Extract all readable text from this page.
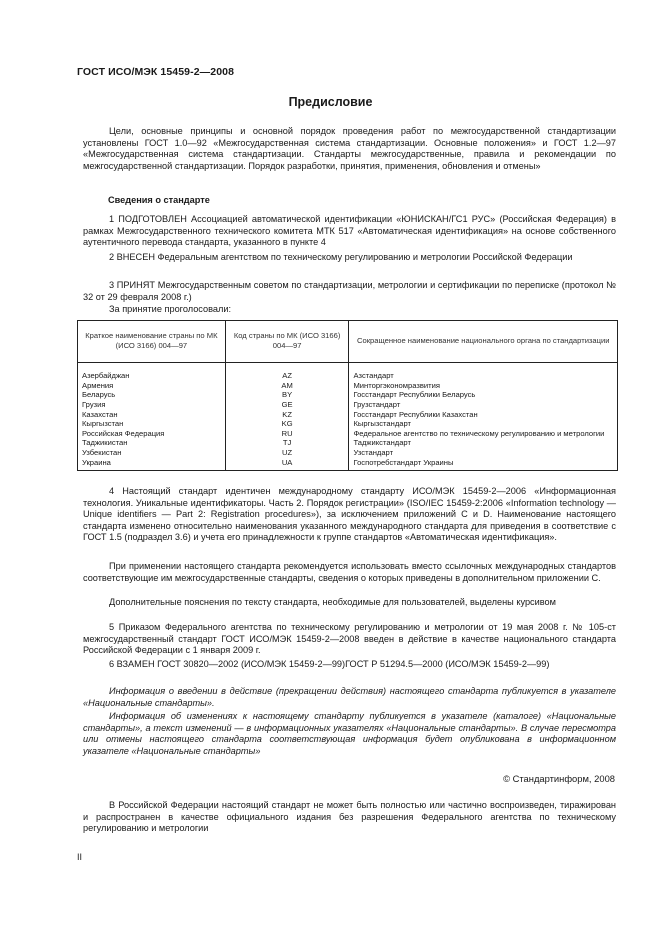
ГОСТ ИСО/МЭК 15459-2—2008
Предисловие

Цели, основные принципы и основной порядок проведения работ по межгосударственной стандартизации установлены ГОСТ 1.0—92 «Межгосударственная система стандартизации. Основные положения» и ГОСТ 1.2—97 «Межгосударственная система стандартизации. Стандарты межгосударственные, правила и рекомендации по межгосударственной стандартизации. Порядок разработки, принятия, применения, обновления и отмены»

Сведения о стандарте

1 ПОДГОТОВЛЕН Ассоциацией автоматической идентификации «ЮНИСКАН/ГС1 РУС» (Российская Федерация) в рамках Межгосударственного технического комитета МТК 517 «Автоматическая идентификация» на основе собственного аутентичного перевода стандарта, указанного в пункте 4

2 ВНЕСЕН Федеральным агентством по техническому регулированию и метрологии Российской Федерации

3 ПРИНЯТ Межгосударственным советом по стандартизации, метрологии и сертификации по переписке (протокол № 32 от 29 февраля 2008 г.)

За принятие проголосовали:

Краткое наименование страны по МК (ИСО 3166) 004—97	Код страны по МК (ИСО 3166) 004—97	Сокращенное наименование национального органа по стандартизации
Азербайджан	AZ	Азстандарт
Армения	AM	Минторгэкономразвития
Беларусь	BY	Госстандарт Республики Беларусь
Грузия	GE	Грузстандарт
Казахстан	KZ	Госстандарт Республики Казахстан
Кыргызстан	KG	Кыргызстандарт
Российская Федерация	RU	Федеральное агентство по техническому регулированию и метрологии
Таджикистан	TJ	Таджикстандарт
Узбекистан	UZ	Узстандарт
Украина	UA	Госпотребстандарт Украины

4 Настоящий стандарт идентичен международному стандарту ИСО/МЭК 15459-2—2006 «Информационная технология. Уникальные идентификаторы. Часть 2. Порядок регистрации» (ISO/IEC 15459-2:2006 «Information technology — Unique identifiers — Part 2: Registration procedures»), за исключением приложений С и D. Наименование настоящего стандарта изменено относительно наименования указанного международного стандарта для приведения в соответствие с ГОСТ 1.5 (подраздел 3.6) и учета его принадлежности к группе стандартов «Автоматическая идентификация».

При применении настоящего стандарта рекомендуется использовать вместо ссылочных международных стандартов соответствующие им межгосударственные стандарты, сведения о которых приведены в дополнительном приложении С.

Дополнительные пояснения по тексту стандарта, необходимые для пользователей, выделены курсивом

5 Приказом Федерального агентства по техническому регулированию и метрологии от 19 мая 2008 г. № 105-ст межгосударственный стандарт ГОСТ ИСО/МЭК 15459-2—2008 введен в действие в качестве национального стандарта Российской Федерации с 1 января 2009 г.

6 ВЗАМЕН ГОСТ 30820—2002 (ИСО/МЭК 15459-2—99)ГОСТ Р 51294.5—2000 (ИСО/МЭК 15459-2—99)

Информация о введении в действие (прекращении действия) настоящего стандарта публикуется в указателе «Национальные стандарты».

Информация об изменениях к настоящему стандарту публикуется в указателе (каталоге) «Национальные стандарты», а текст изменений — в информационных указателях «Национальные стандарты». В случае пересмотра или отмены настоящего стандарта соответствующая информация будет опубликована в информационном указателе «Национальные стандарты»

© Стандартинформ, 2008

В Российской Федерации настоящий стандарт не может быть полностью или частично воспроизведен, тиражирован и распространен в качестве официального издания без разрешения Федерального агентства по техническому регулированию и метрологии

II
